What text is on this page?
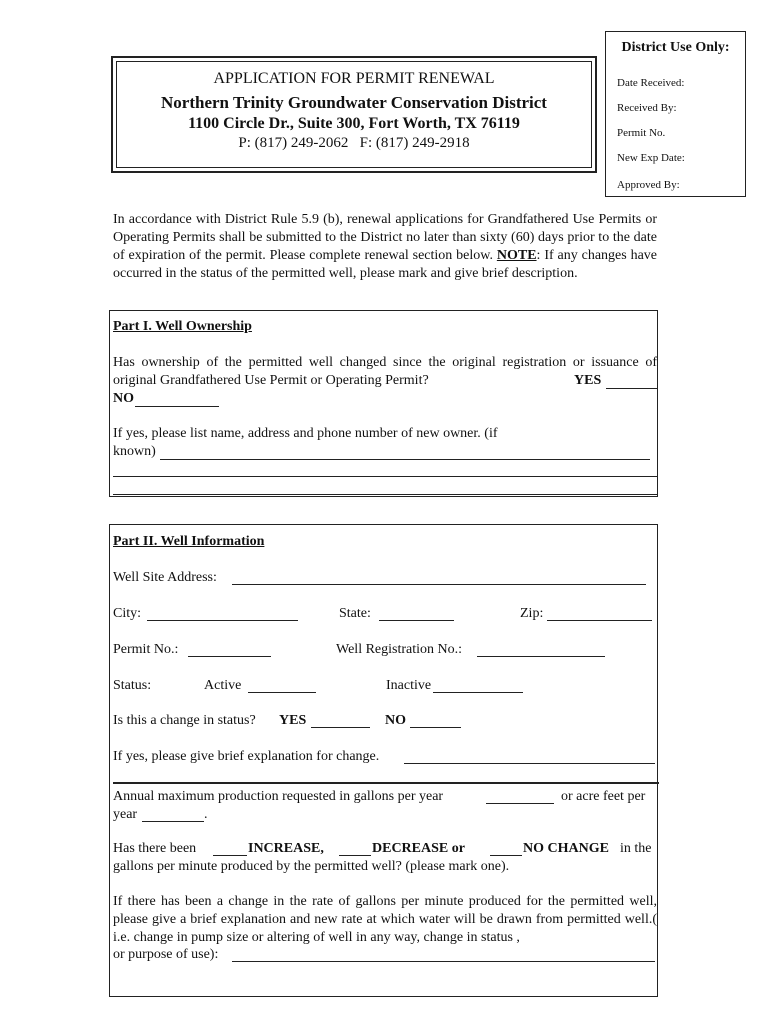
District Use Only:
Date Received:
Received By:
Permit No.
New Exp Date:
Approved By:
APPLICATION FOR PERMIT RENEWAL
Northern Trinity Groundwater Conservation District
1100 Circle Dr., Suite 300, Fort Worth, TX 76119
P: (817) 249-2062 F: (817) 249-2918
In accordance with District Rule 5.9 (b), renewal applications for Grandfathered Use Permits or Operating Permits shall be submitted to the District no later than sixty (60) days prior to the date of expiration of the permit. Please complete renewal section below. NOTE: If any changes have occurred in the status of the permitted well, please mark and give brief description.
Part I. Well Ownership
Has ownership of the permitted well changed since the original registration or issuance of
original Grandfathered Use Permit or Operating Permit?	YES
NO
If yes, please list name, address and phone number of new owner. (if
known)
Part II. Well Information
Well Site Address:
City:	State:	Zip:
Permit No.:	Well Registration No.:
Status:	Active	Inactive
Is this a change in status? YES	NO
If yes, please give brief explanation for change.
Annual maximum production requested in gallons per year	or acre feet per
year	.
Has there been	INCREASE,	DECREASE or	NO CHANGE in the
gallons per minute produced by the permitted well? (please mark one).
If there has been a change in the rate of gallons per minute produced for the permitted well, please give a brief explanation and new rate at which water will be drawn from permitted well.( i.e. change in pump size or altering of well in any way, change in status ,
or purpose of use):
